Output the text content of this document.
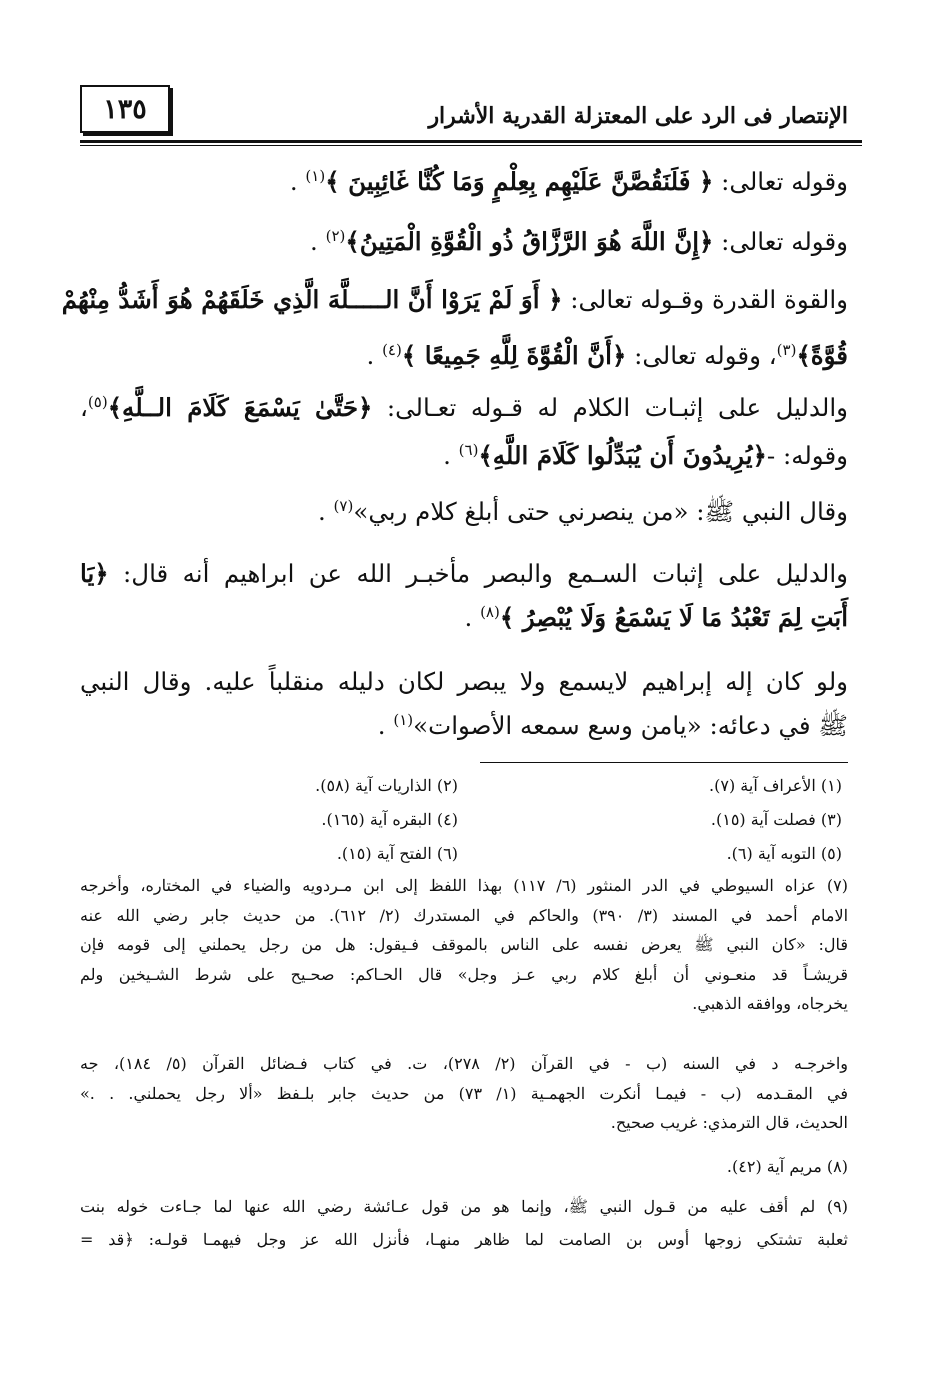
الإنتصار فى الرد على المعتزلة القدرية الأشرار
١٣٥
وقوله تعالى: ﴿ فَلَنَقُصَّنَّ عَلَيْهِم بِعِلْمٍ وَمَا كُنَّا غَائِبِينَ ﴾$^{(١)}$ .
وقوله تعالى: ﴿إِنَّ اللَّهَ هُوَ الرَّزَّاقُ ذُو الْقُوَّةِ الْمَتِينُ﴾$^{(٢)}$ .
والقوة القدرة وقـوله تعالى: ﴿ أَوَ لَمْ يَرَوْا أَنَّ الـــــلَّهَ الَّذِي خَلَقَهُمْ هُوَ أَشَدُّ مِنْهُمْ
قُوَّةً﴾$^{(٣)}$، وقوله تعالى: ﴿أَنَّ الْقُوَّةَ لِلَّهِ جَمِيعًا ﴾$^{(٤)}$ .
والدليل على إثبـات الكلام له قـوله تعـالى: ﴿حَتَّىٰ يَسْمَعَ كَلَامَ الــلَّهِ﴾$^{(٥)}$،
وقوله: -﴿يُرِيدُونَ أَن يُبَدِّلُوا كَلَامَ اللَّهِ﴾$^{(٦)}$ .
وقال النبي ﷺ: «من ينصرني حتى أبلغ كلام ربي»$^{(٧)}$ .
والدليل على إثبات السـمع والبصر مأخبـر الله عن ابراهيم أنه قال: ﴿يَا
أَبَتِ لِمَ تَعْبُدُ مَا لَا يَسْمَعُ وَلَا يُبْصِرُ ﴾$^{(٨)}$ .
ولو كان إله إبراهيم لايسمع ولا يبصر لكان دليله منقلباً عليه. وقال النبي
ﷺ في دعائه: «يامن وسع سمعه الأصوات»$^{(١)}$ .
(١) الأعراف آية (٧).
(٢) الذاريات آية (٥٨).
(٣) فصلت آية (١٥).
(٤) البقره آية (١٦٥).
(٥) التوبه آية (٦).
(٦) الفتح آية (١٥).
(٧) عزاه السيوطي في الدر المنثور (٦/ ١١٧) بهذا اللفظ إلى ابن مـردويه والضياء في المختاره، وأخرجه
الامام أحمد في المسند (٣/ ٣٩٠) والحاكم في المستدرك (٢/ ٦١٢). من حديث جابر رضي الله عنه
قال: «كان النبي ﷺ يعرض نفسه على الناس بالموقف فـيقول: هل من رجل يحملني إلى قومه فإن
قريشـاً قد منعـوني أن أبلغ كلام ربي عـز وجل» قال الحـاكم: صحـيح على شرط الشـيخين ولم
يخرجاه، ووافقه الذهبي.
واخرجـه د في السنه (ب - في القرآن (٢/ ٢٧٨)، ت. في كتاب فـضائل القرآن (٥/ ١٨٤)، جه
في المقـدمه (ب - فيمـا أنكرت الجهمـية (١/ ٧٣) من حديث جابر بلـفظ «ألا رجل يحملني. . .»
الحديث، قال الترمذي: غريب صحيح.
(٨) مريم آية (٤٢).
(٩) لم أقف عليه من قـول النبي ﷺ، وإنما هو من قول عـائشة رضي الله عنها لما جـاءت خوله بنت
ثعلبة تشتكي زوجها أوس بن الصامت لما ظاهر منهـا، فأنزل الله عز وجل فيهمـا قولـه: ﴿قد =
